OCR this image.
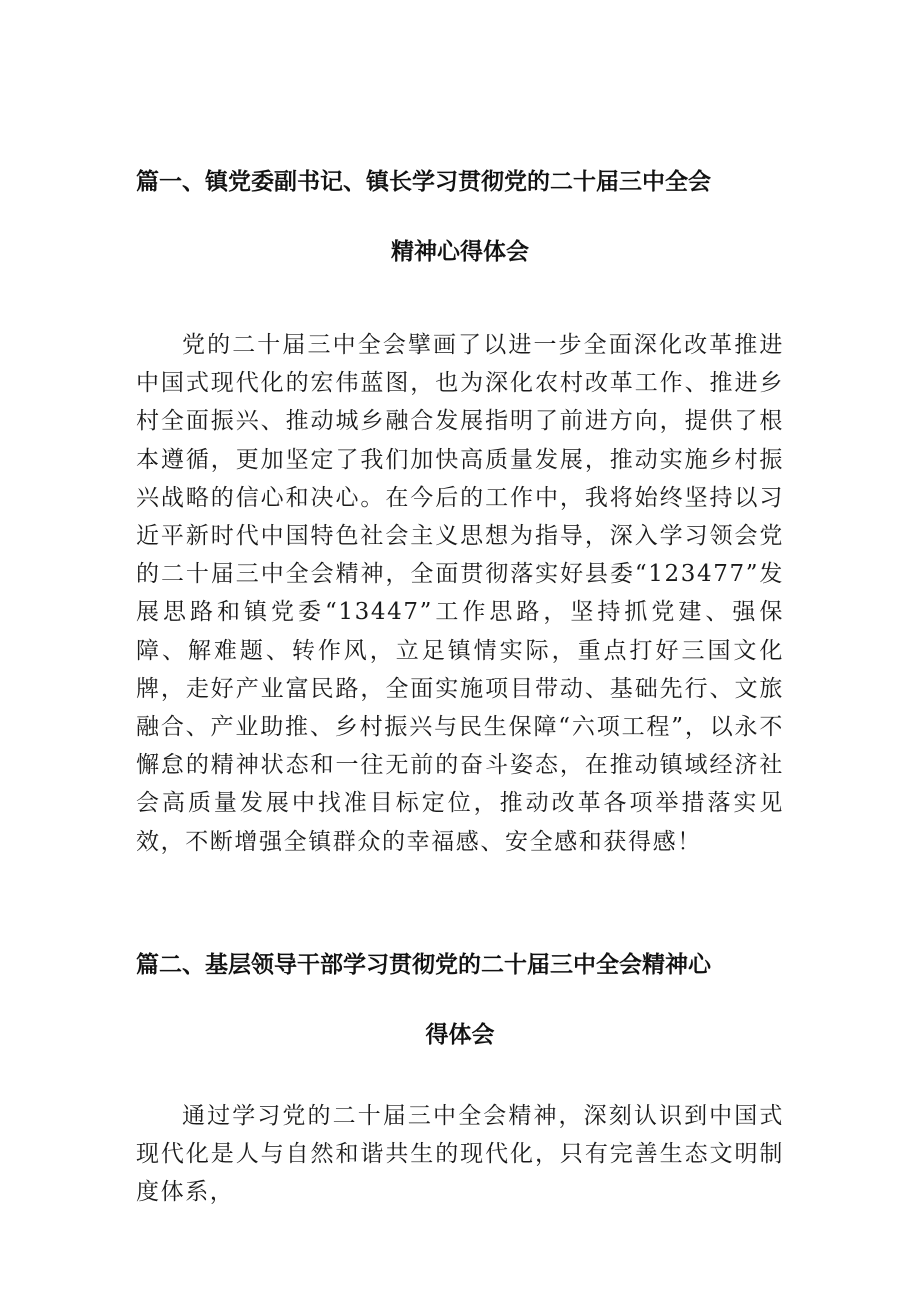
篇一、镇党委副书记、镇长学习贯彻党的二十届三中全会
精神心得体会

党的二十届三中全会擘画了以进一步全面深化改革推进中国式现代化的宏伟蓝图，也为深化农村改革工作、推进乡村全面振兴、推动城乡融合发展指明了前进方向，提供了根本遵循，更加坚定了我们加快高质量发展，推动实施乡村振兴战略的信心和决心。在今后的工作中，我将始终坚持以习近平新时代中国特色社会主义思想为指导，深入学习领会党的二十届三中全会精神，全面贯彻落实好县委“123477”发展思路和镇党委“13447”工作思路，坚持抓党建、强保障、解难题、转作风，立足镇情实际，重点打好三国文化牌，走好产业富民路，全面实施项目带动、基础先行、文旅融合、产业助推、乡村振兴与民生保障“六项工程”，以永不懈怠的精神状态和一往无前的奋斗姿态，在推动镇域经济社会高质量发展中找准目标定位，推动改革各项举措落实见效，不断增强全镇群众的幸福感、安全感和获得感！

篇二、基层领导干部学习贯彻党的二十届三中全会精神心
得体会

通过学习党的二十届三中全会精神，深刻认识到中国式现代化是人与自然和谐共生的现代化，只有完善生态文明制度体系，
